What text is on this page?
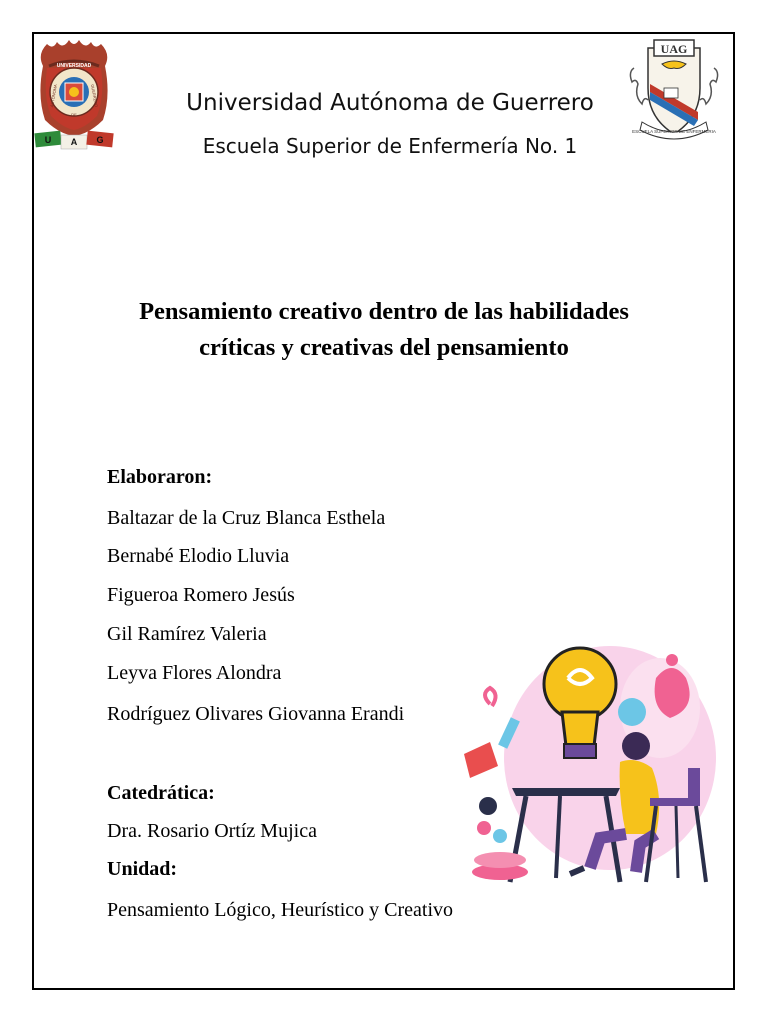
UNIVERSIDAD
AUTONOMA
DE
GUERRERO
U A G
UAG
ESCUELA SUPERIOR DE ENFERMERIA
Universidad Autónoma de Guerrero
Escuela Superior de Enfermería No. 1
Pensamiento creativo dentro de las habilidades
críticas y creativas del pensamiento
Elaboraron:
Baltazar de la Cruz Blanca Esthela
Bernabé Elodio Lluvia
Figueroa Romero Jesús
Gil Ramírez Valeria
Leyva Flores Alondra
Rodríguez Olivares Giovanna Erandi
Catedrática:
Dra. Rosario Ortíz Mujica
Unidad:
Pensamiento Lógico, Heurístico y Creativo
